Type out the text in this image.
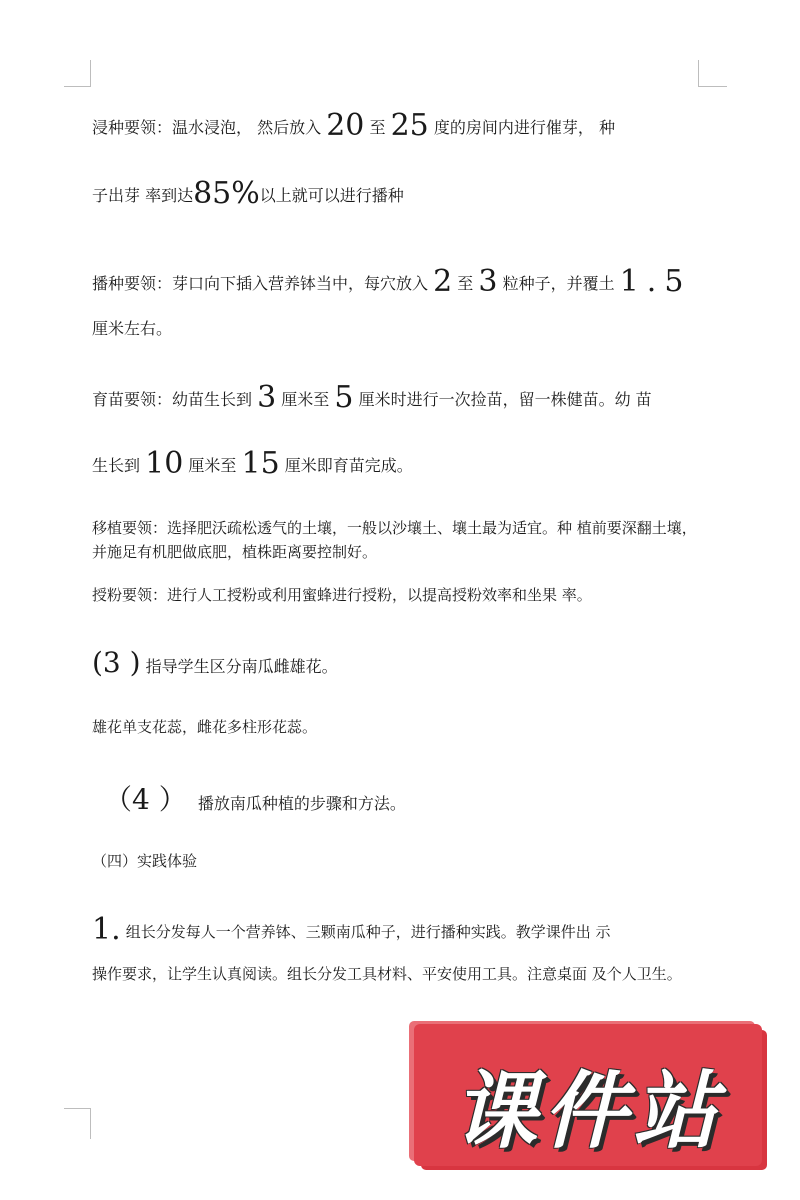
浸种要领：温水浸泡， 然后放入 20 至 25 度的房间内进行催芽， 种
子出芽 率到达85%以上就可以进行播种
播种要领：芽口向下插入营养钵当中，每穴放入 2 至 3 粒种子，并覆土 1.5
厘米左右。
育苗要领：幼苗生长到 3 厘米至 5 厘米时进行一次捡苗，留一株健苗。幼 苗
生长到 10 厘米至 15 厘米即育苗完成。
移植要领：选择肥沃疏松透气的土壤，一般以沙壤土、壤土最为适宜。种 植前要深翻土壤，并施足有机肥做底肥，植株距离要控制好。
授粉要领：进行人工授粉或利用蜜蜂进行授粉，以提高授粉效率和坐果 率。
(3 ) 指导学生区分南瓜雌雄花。
雄花单支花蕊，雌花多柱形花蕊。
（4 ） 播放南瓜种植的步骤和方法。
（四）实践体验
1. 组长分发每人一个营养钵、三颗南瓜种子，进行播种实践。教学课件出 示
操作要求，让学生认真阅读。组长分发工具材料、平安使用工具。注意桌面 及个人卫生。
课件站
